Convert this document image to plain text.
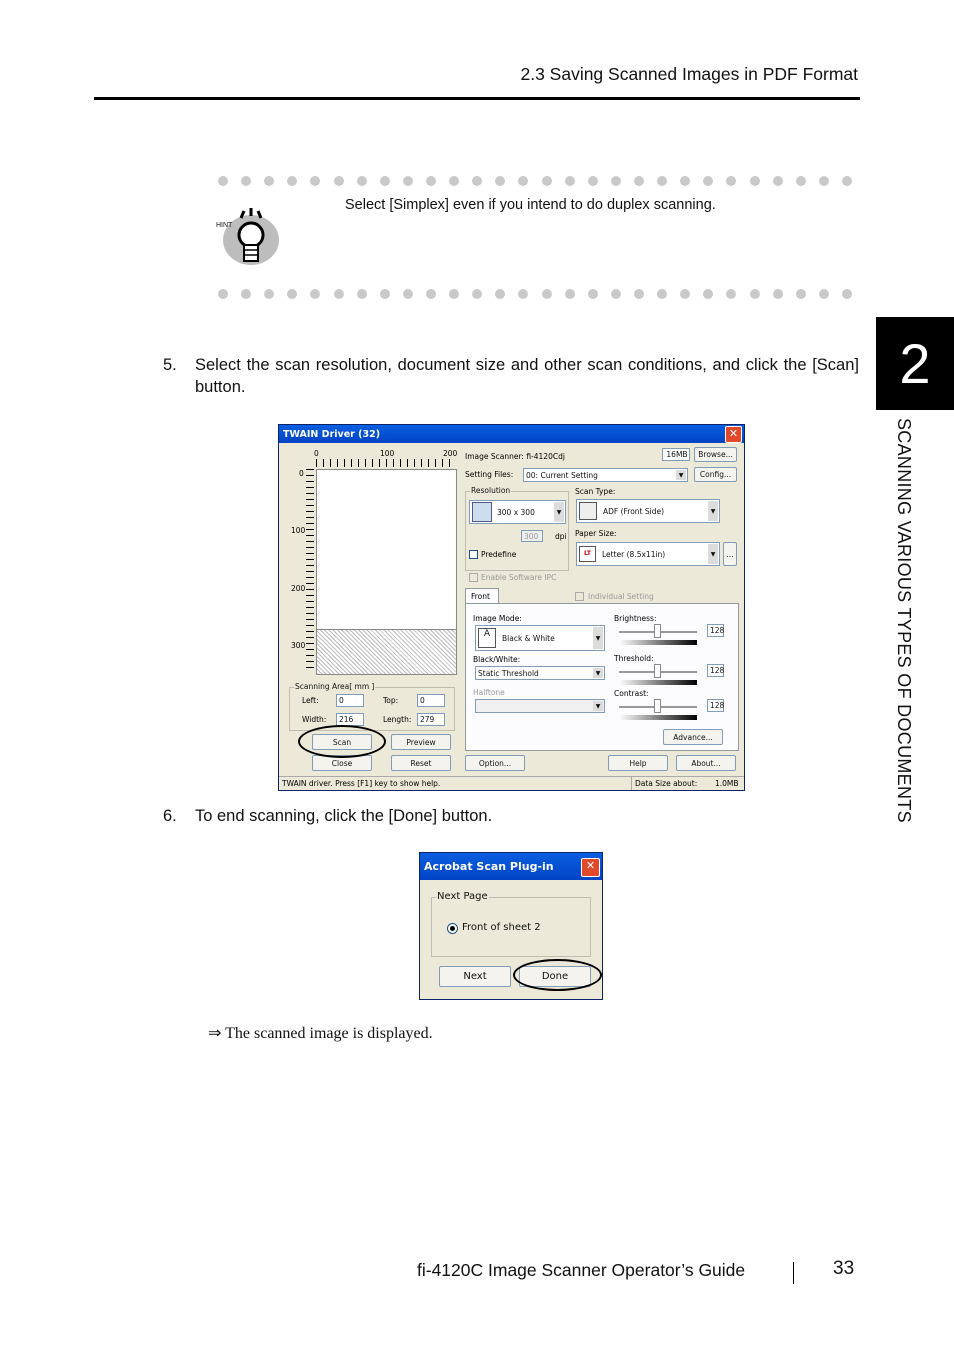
2.3 Saving Scanned Images in PDF Format
HINT
Select [Simplex] even if you intend to do duplex scanning.
2
SCANNING VARIOUS TYPES OF DOCUMENTS
5. Select the scan resolution, document size and other scan conditions, and click the [Scan] button.
TWAIN Driver (32)	✕
0	100	200
0
100
200
300
Scanning Area[ mm ]
Left:	0	Top:	0
Width:	216	Length:	279
Scan	Preview
Close	Reset
Image Scanner: fi-4120Cdj	16MB	Browse...
Setting Files: 00: Current Setting	▼	Config...
Resolution
300 x 300	▼
300	dpi
Predefine
Scan Type:
ADF (Front Side)	▼
Paper Size:
LT	Letter (8.5x11in)	▼	...
Enable Software IPC
Front	Individual Setting
Image Mode:
A	Black & White	▼
Black/White:
Static Threshold	▼
Halftone
▼
Brightness:
128
Threshold:
128
Contrast:
128
Advance...
Option...	Help	About...
TWAIN driver. Press [F1] key to show help.	Data Size about: 1.0MB
6. To end scanning, click the [Done] button.
Acrobat Scan Plug-in	✕
Next Page
Front of sheet 2
Next	Done
⇒ The scanned image is displayed.
fi-4120C Image Scanner Operator’s Guide	33
